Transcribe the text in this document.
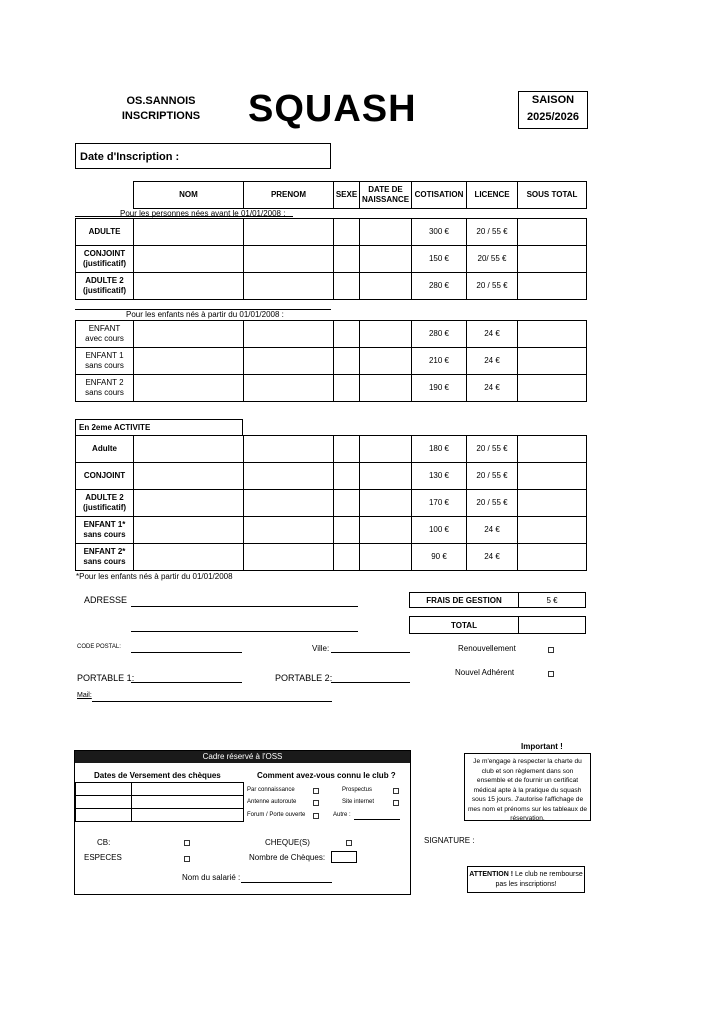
OS.SANNOIS
INSCRIPTIONS SQUASH	SAISON
2025/2026
Date d'Inscription :
NOM	PRENOM	SEXE	DATE DE NAISSANCE	COTISATION	LICENCE	SOUS TOTAL
Pour les personnes nées avant le 01/01/2008 :
ADULTE					300 €	20 / 55 €	

CONJOINT
(justificatif)					150 €	20/ 55 €	

ADULTE 2
(justificatif)					280 €	20 / 55 €	
Pour les enfants nés à partir du 01/01/2008 :
ENFANT
avec cours					280 €	24 €	

ENFANT 1
sans cours					210 €	24 €	

ENFANT 2
sans cours					190 €	24 €	
En 2eme ACTIVITE
Adulte					180 €	20 / 55 €	

CONJOINT					130 €	20 / 55 €	

ADULTE 2
(justificatif)					170 €	20 / 55 €	

ENFANT 1*
sans cours					100 €	24 €	

ENFANT 2*
sans cours					90 €	24 €	
*Pour les enfants nés à partir du 01/01/2008
ADRESSE
CODE POSTAL:	Ville:
PORTABLE 1:	PORTABLE 2:
Mail:
FRAIS DE GESTION	5 €
TOTAL
Renouvellement
Nouvel Adhérent
Cadre réservé à l'OSS
Dates de Versement des chèques	Comment avez-vous connu le club ?

Par connaissance	Prospectus
Antenne autoroute	Site internet
Forum / Porte ouverte	Autre :
CB:	CHEQUE(S)
ESPECES	Nombre de Chèques:
Nom du salarié :
Important !
Je m'engage à respecter la charte du club et son règlement dans son ensemble et de fournir un certificat médical apte à la pratique du squash sous 15 jours. J'autorise l'affichage de mes nom et prénoms sur les tableaux de réservation.
SIGNATURE :
ATTENTION ! Le club ne rembourse pas les inscriptions!
